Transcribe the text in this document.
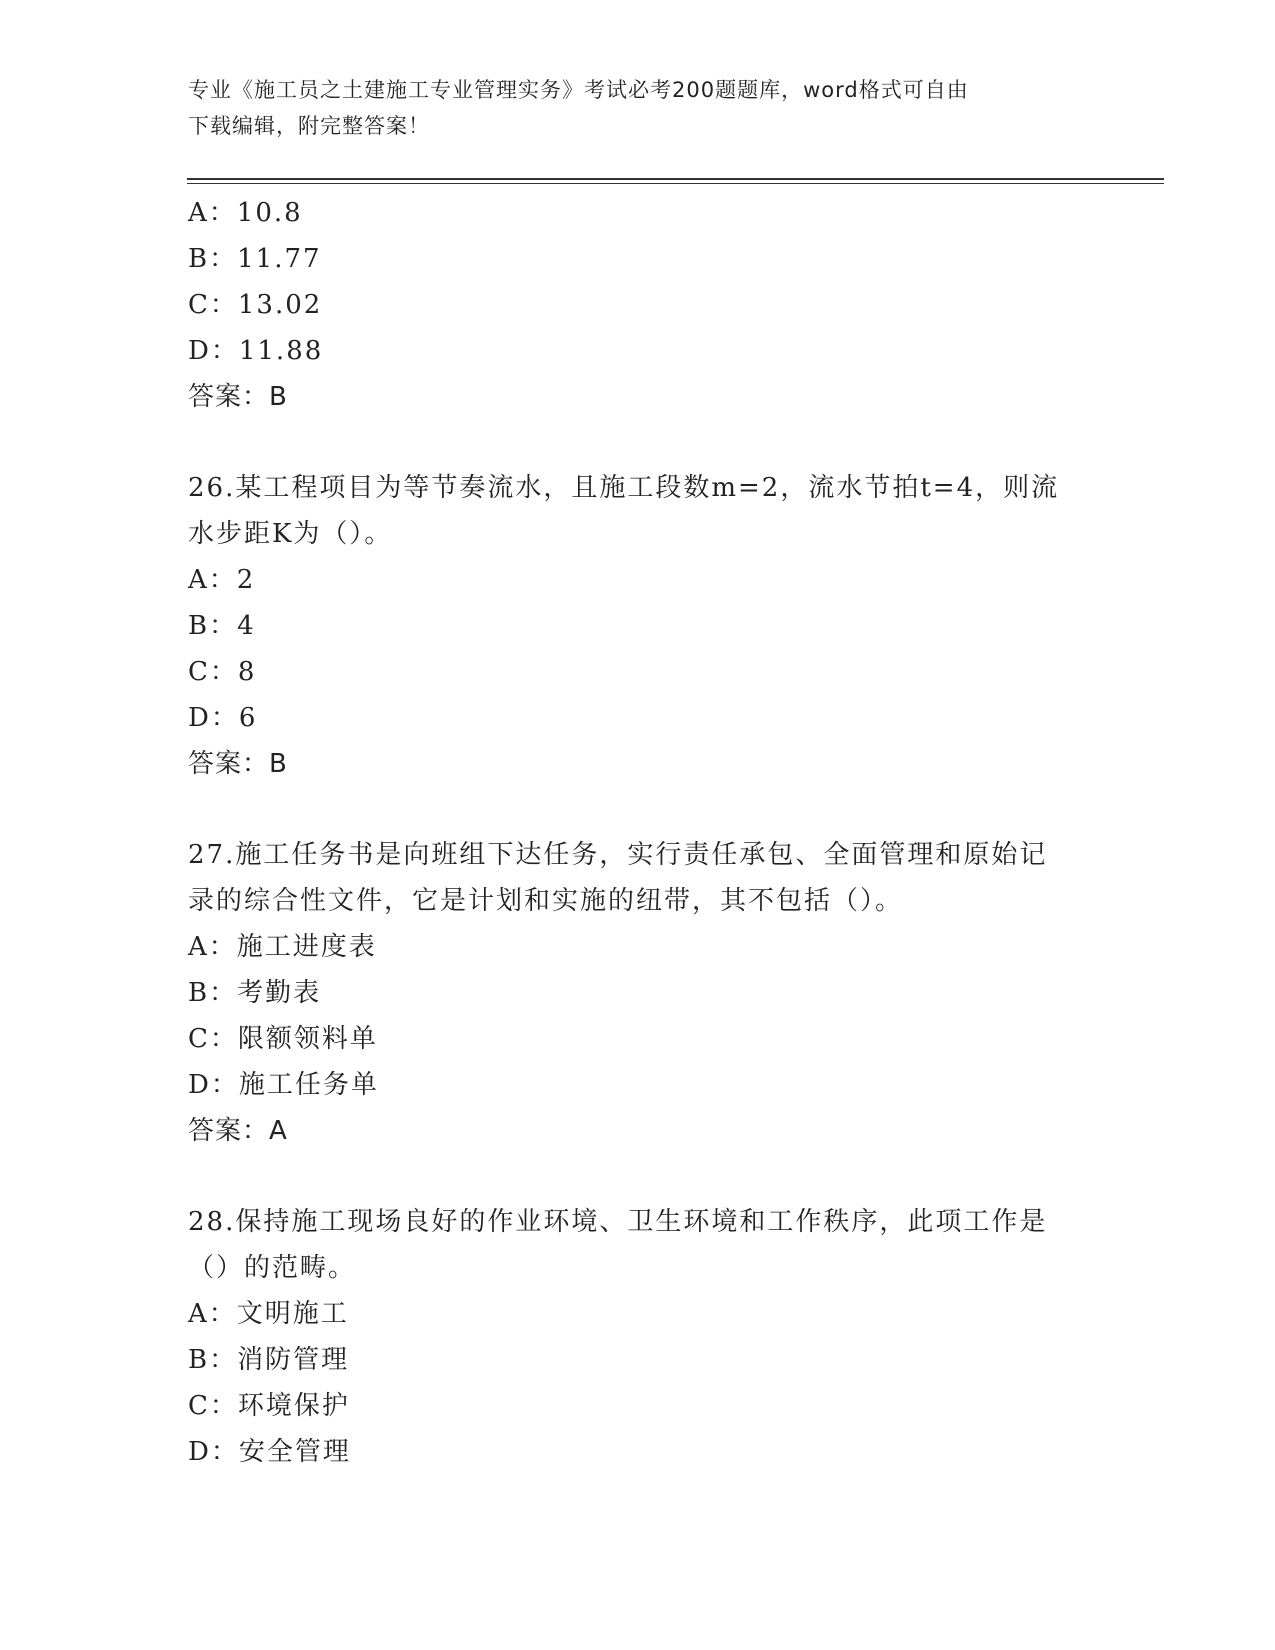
专业《施工员之土建施工专业管理实务》考试必考200题题库，word格式可自由
下载编辑，附完整答案！
A：10.8
B：11.77
C：13.02
D：11.88
答案：B
26.某工程项目为等节奏流水，且施工段数m=2，流水节拍t=4，则流
水步距K为（）。
A：2
B：4
C：8
D：6
答案：B
27.施工任务书是向班组下达任务，实行责任承包、全面管理和原始记
录的综合性文件，它是计划和实施的纽带，其不包括（）。
A：施工进度表
B：考勤表
C：限额领料单
D：施工任务单
答案：A
28.保持施工现场良好的作业环境、卫生环境和工作秩序，此项工作是
（）的范畴。
A：文明施工
B：消防管理
C：环境保护
D：安全管理
